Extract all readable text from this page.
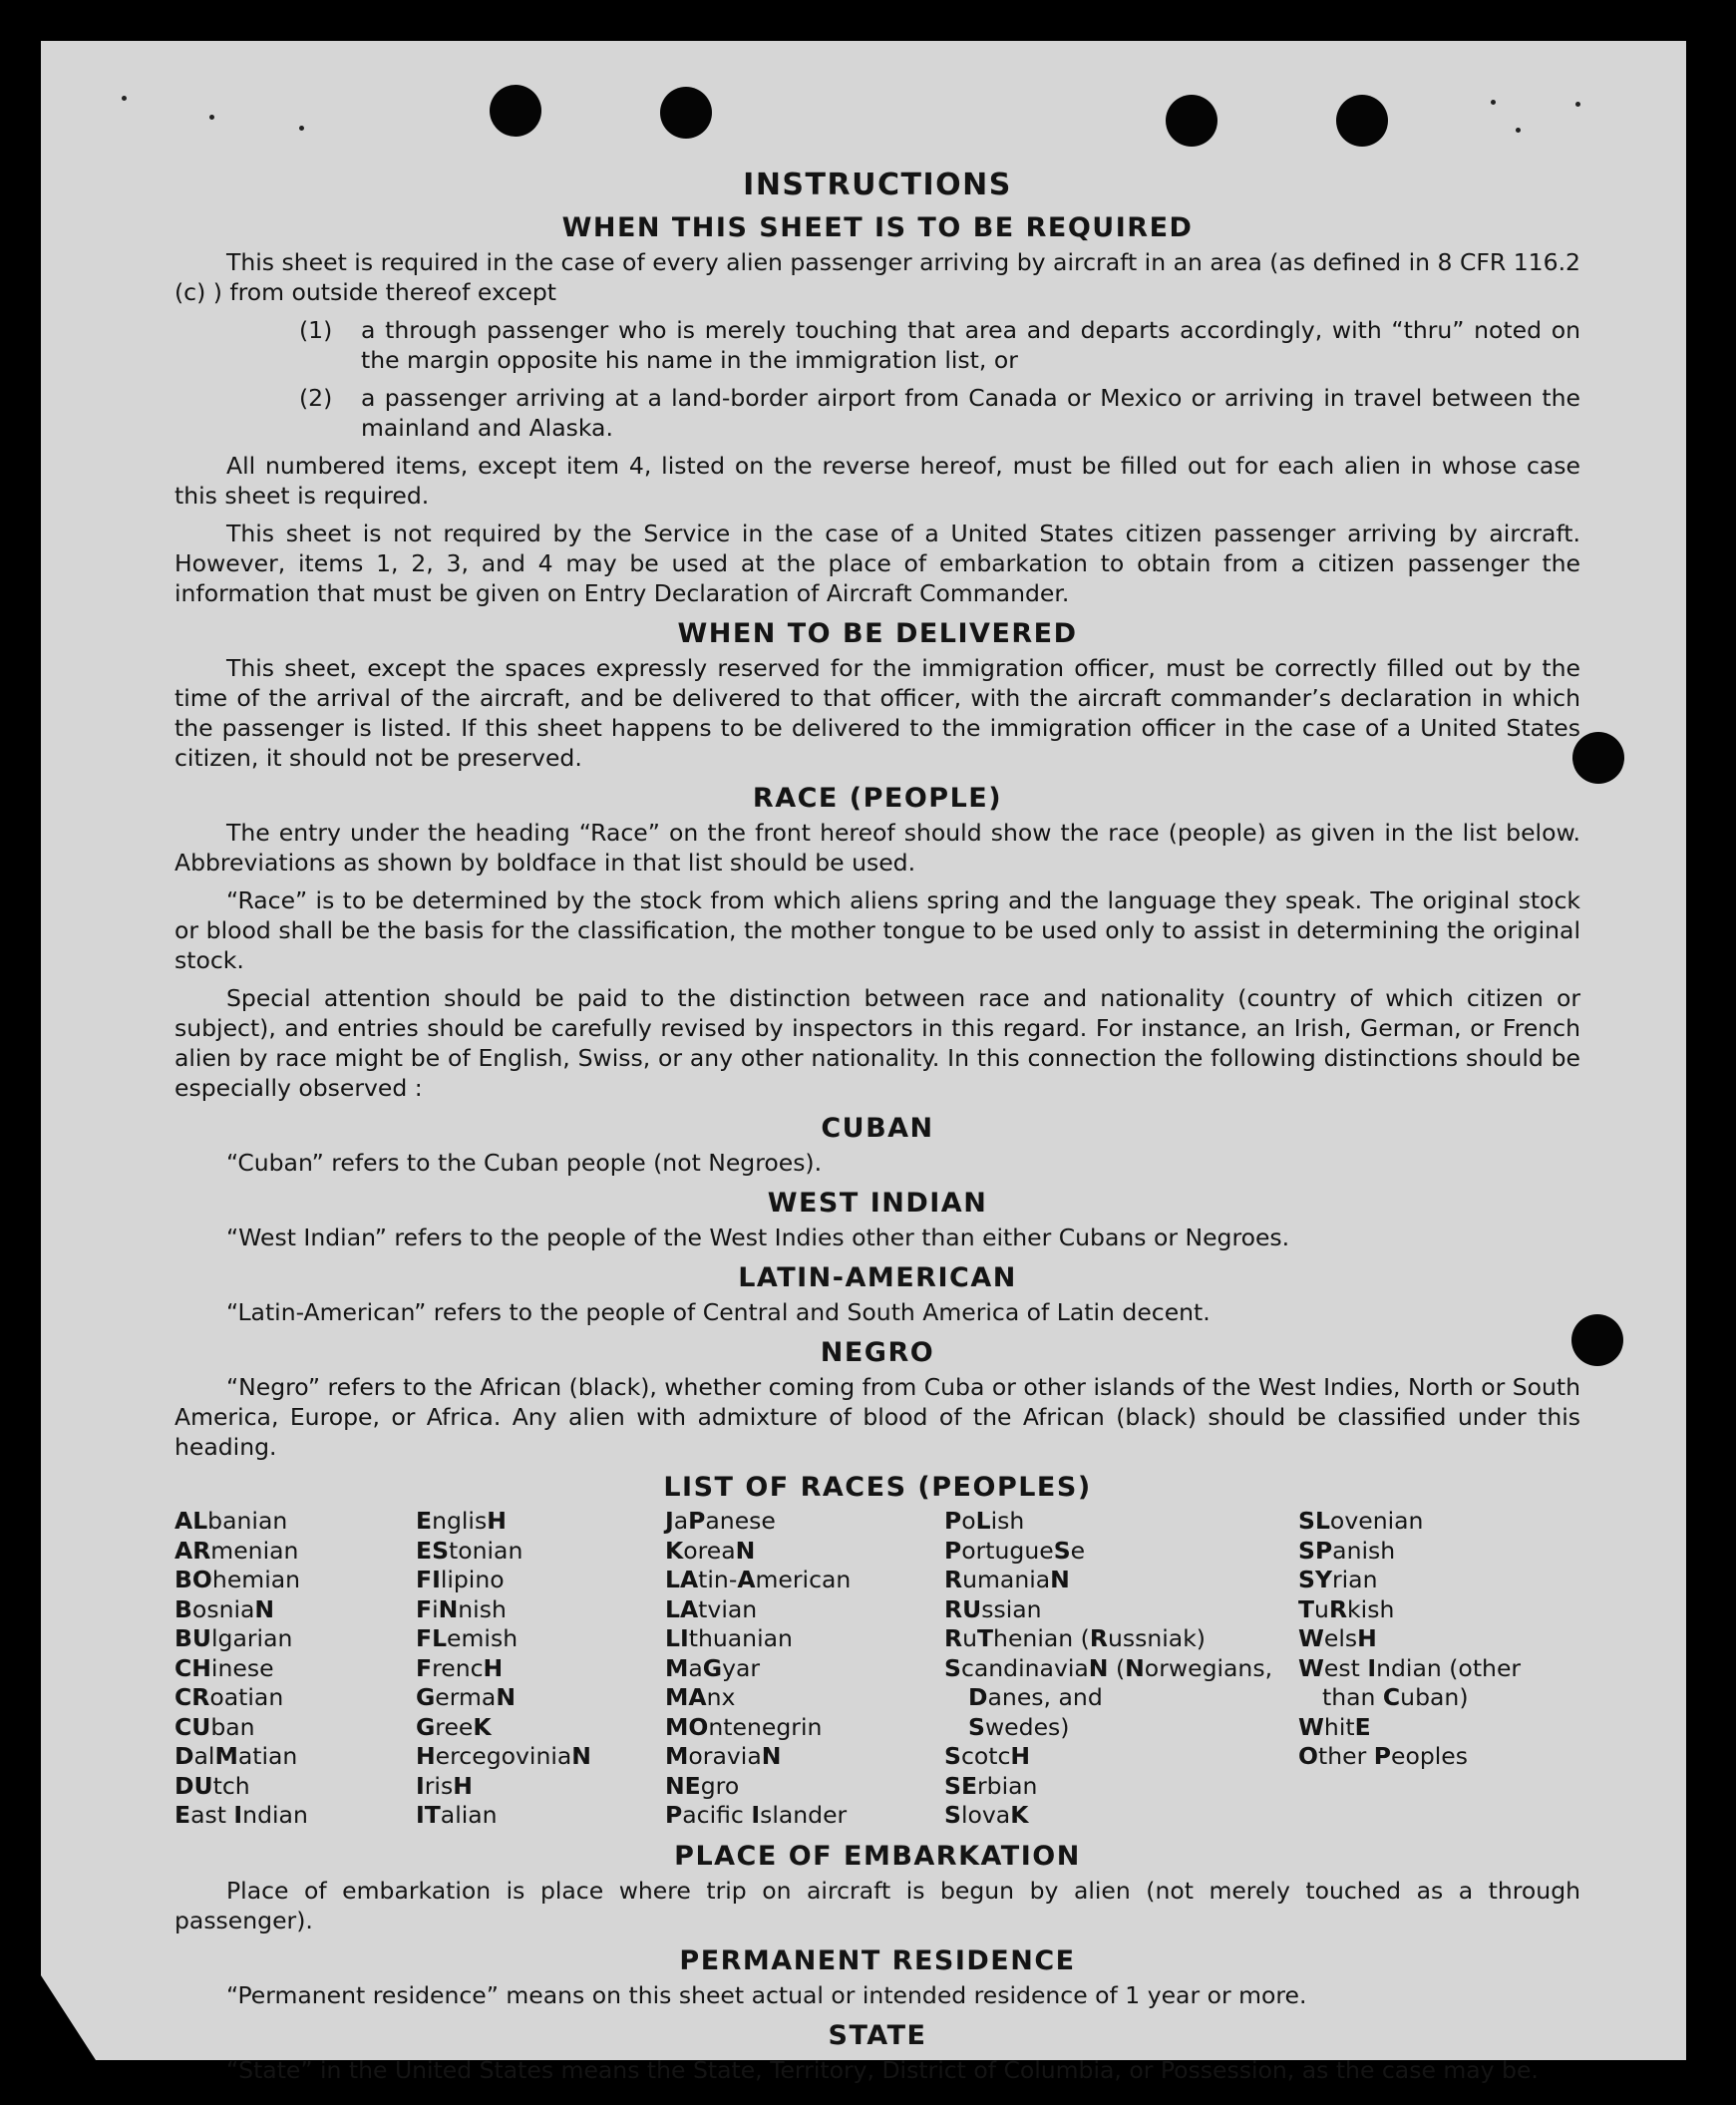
INSTRUCTIONS
WHEN THIS SHEET IS TO BE REQUIRED

This sheet is required in the case of every alien passenger arriving by aircraft in an area (as defined in 8 CFR 116.2 (c) ) from outside thereof except

(1)	a through passenger who is merely touching that area and departs accordingly, with “thru” noted on the margin opposite his name in the immigration list, or
(2)	a passenger arriving at a land-border airport from Canada or Mexico or arriving in travel between the mainland and Alaska.

All numbered items, except item 4, listed on the reverse hereof, must be filled out for each alien in whose case this sheet is required.

This sheet is not required by the Service in the case of a United States citizen passenger arriving by aircraft. However, items 1, 2, 3, and 4 may be used at the place of embarkation to obtain from a citizen passenger the information that must be given on Entry Declaration of Aircraft Commander.

WHEN TO BE DELIVERED

This sheet, except the spaces expressly reserved for the immigration officer, must be correctly filled out by the time of the arrival of the aircraft, and be delivered to that officer, with the aircraft commander’s declaration in which the passenger is listed. If this sheet happens to be delivered to the immigration officer in the case of a United States citizen, it should not be preserved.

RACE (PEOPLE)

The entry under the heading “Race” on the front hereof should show the race (people) as given in the list below. Abbreviations as shown by boldface in that list should be used.

“Race” is to be determined by the stock from which aliens spring and the language they speak. The original stock or blood shall be the basis for the classification, the mother tongue to be used only to assist in determining the original stock.

Special attention should be paid to the distinction between race and nationality (country of which citizen or subject), and entries should be carefully revised by inspectors in this regard. For instance, an Irish, German, or French alien by race might be of English, Swiss, or any other nationality. In this connection the following distinctions should be especially observed :

CUBAN

“Cuban” refers to the Cuban people (not Negroes).

WEST INDIAN

“West Indian” refers to the people of the West Indies other than either Cubans or Negroes.

LATIN-AMERICAN

“Latin-American” refers to the people of Central and South America of Latin decent.

NEGRO

“Negro” refers to the African (black), whether coming from Cuba or other islands of the West Indies, North or South America, Europe, or Africa. Any alien with admixture of blood of the African (black) should be classified under this heading.

LIST OF RACES (PEOPLES)
ALbanian
ARmenian
BOhemian
BosniaN
BUlgarian
CHinese
CRoatian
CUban
DalMatian
DUtch
East Indian
EnglisH
EStonian
FIlipino
FiNnish
FLemish
FrencH
GermaN
GreeK
HercegoviniaN
IrisH
ITalian
JaPanese
KoreaN
LAtin-American
LAtvian
LIthuanian
MaGyar
MAnx
MOntenegrin
MoraviaN
NEgro
Pacifc Islander
PoLish
PortugueSe
RumaniaN
RUssian
RuThenian (Russniak)
ScandinaviaN (Norwegians,
Danes, and
Swedes)
ScotcH
SErbian
SlovaK
SLovenian
SPanish
SYrian
TuRkish
WelsH
West Indian (other
than Cuban)
WhitE
Other Peoples
PLACE OF EMBARKATION

Place of embarkation is place where trip on aircraft is begun by alien (not merely touched as a through passenger).

PERMANENT RESIDENCE

“Permanent residence” means on this sheet actual or intended residence of 1 year or more.

STATE

“State” in the United States means the State, Territory, District of Columbia, or Possession, as the case may be.
